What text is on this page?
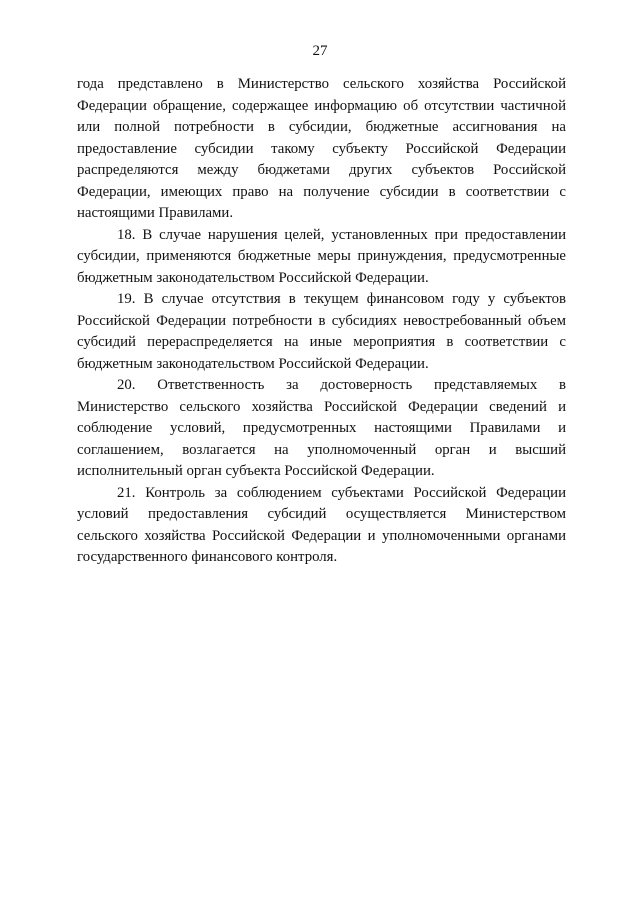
27

года представлено в Министерство сельского хозяйства Российской Федерации обращение, содержащее информацию об отсутствии частичной или полной потребности в субсидии, бюджетные ассигнования на предоставление субсидии такому субъекту Российской Федерации распределяются между бюджетами других субъектов Российской Федерации, имеющих право на получение субсидии в соответствии с настоящими Правилами.

18. В случае нарушения целей, установленных при предоставлении субсидии, применяются бюджетные меры принуждения, предусмотренные бюджетным законодательством Российской Федерации.

19. В случае отсутствия в текущем финансовом году у субъектов Российской Федерации потребности в субсидиях невостребованный объем субсидий перераспределяется на иные мероприятия в соответствии с бюджетным законодательством Российской Федерации.

20. Ответственность за достоверность представляемых в Министерство сельского хозяйства Российской Федерации сведений и соблюдение условий, предусмотренных настоящими Правилами и соглашением, возлагается на уполномоченный орган и высший исполнительный орган субъекта Российской Федерации.

21. Контроль за соблюдением субъектами Российской Федерации условий предоставления субсидий осуществляется Министерством сельского хозяйства Российской Федерации и уполномоченными органами государственного финансового контроля.
